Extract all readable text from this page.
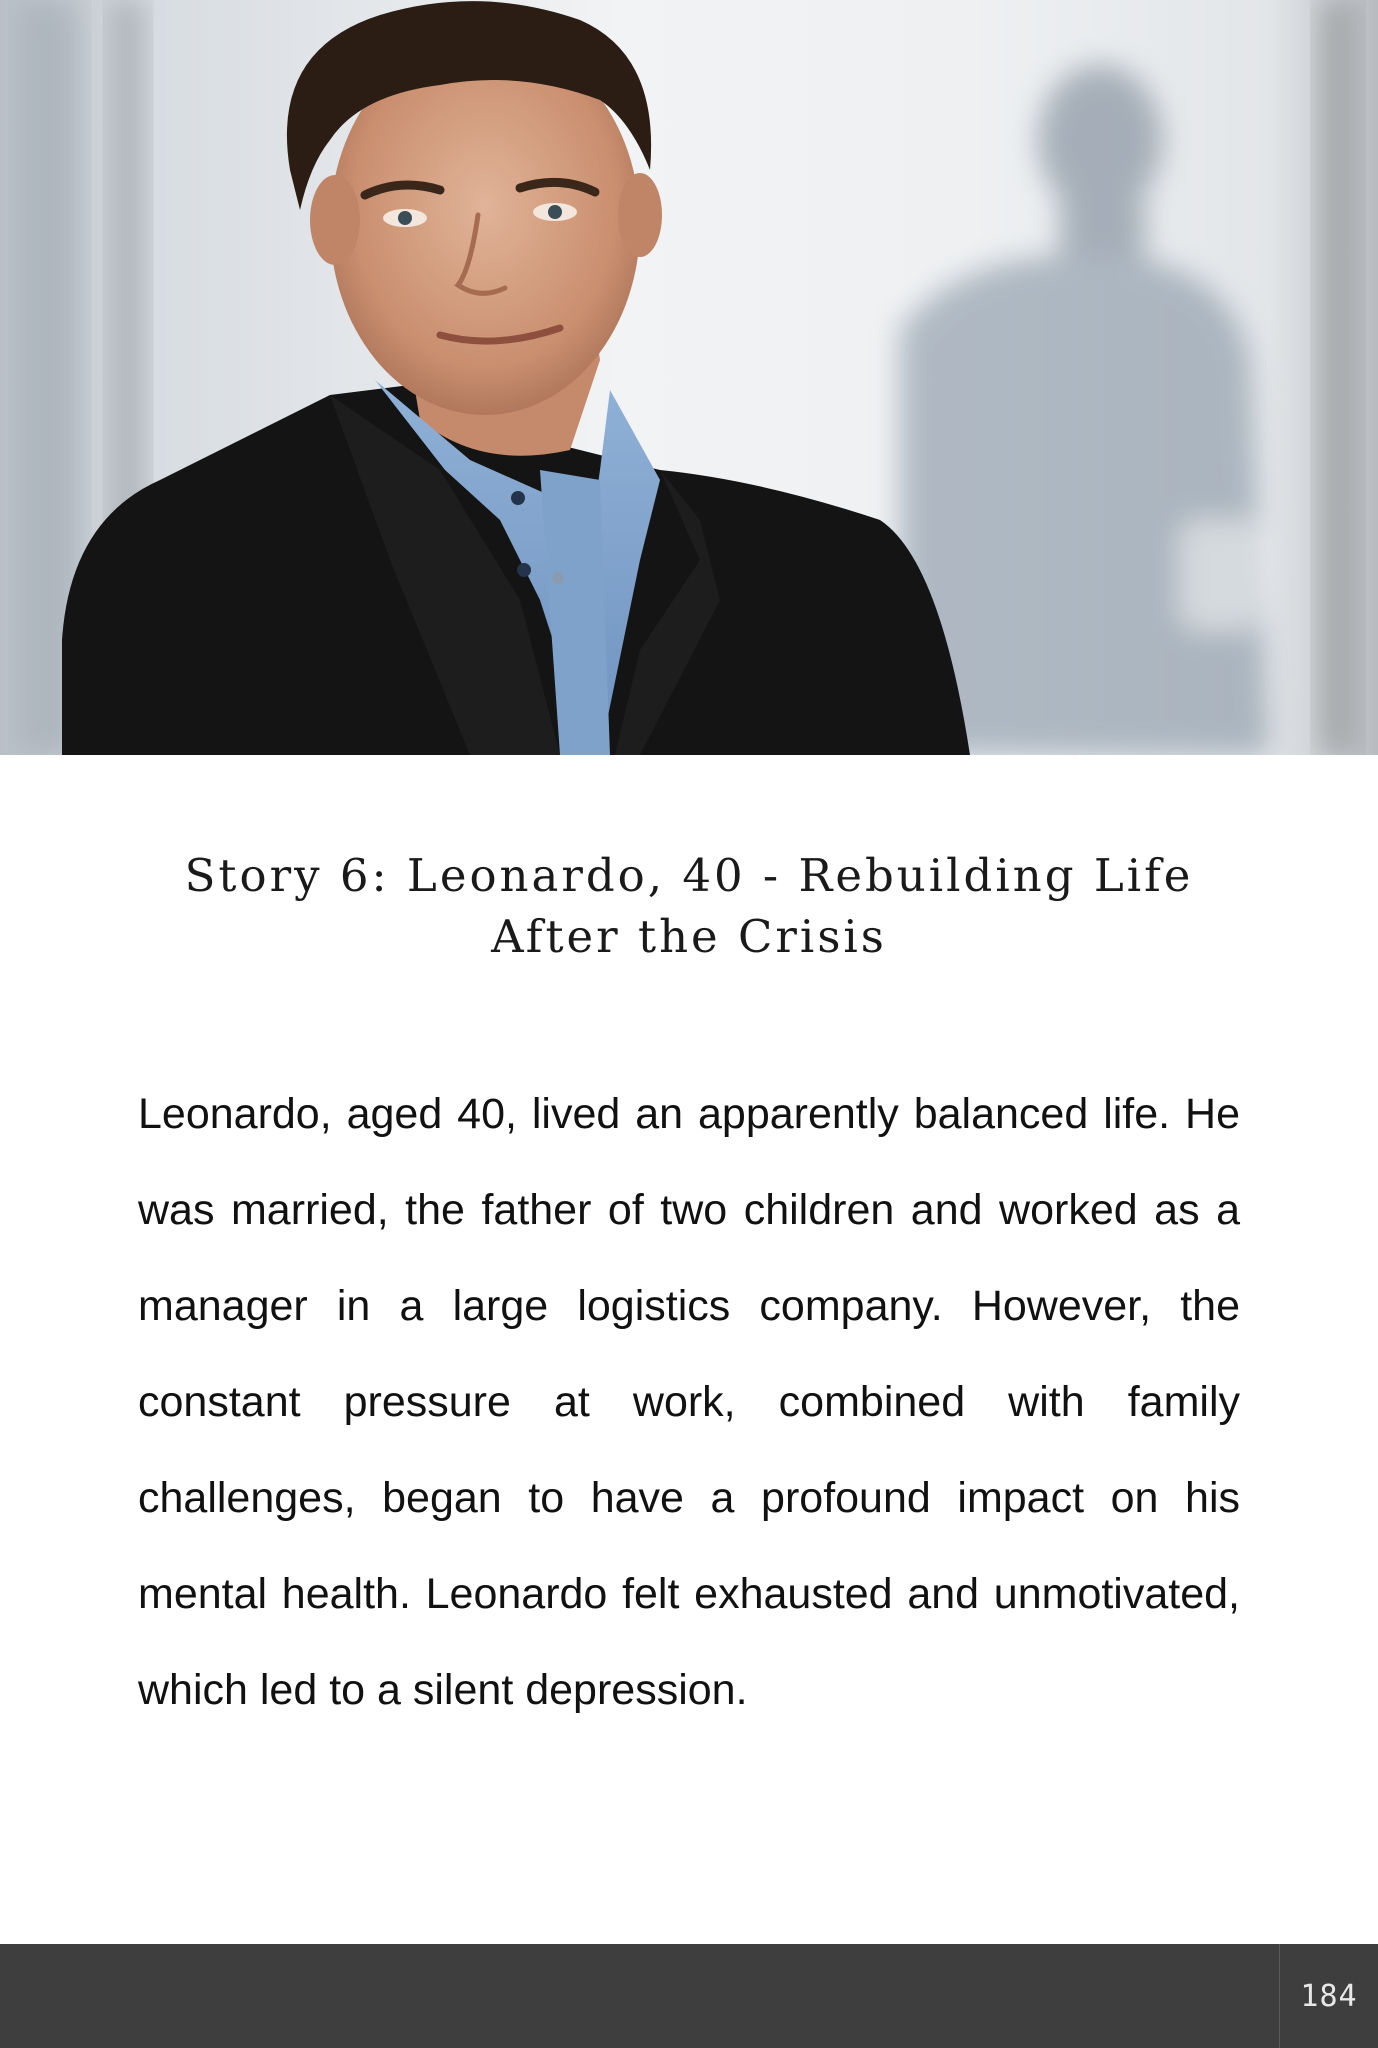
Story 6: Leonardo, 40 - Rebuilding Life
After the Crisis

Leonardo, aged 40, lived an apparently balanced life. He was married, the father of two children and worked as a manager in a large logistics company. However, the constant pressure at work, combined with family challenges, began to have a profound impact on his mental health. Leonardo felt exhausted and unmotivated, which led to a silent depression.

184
